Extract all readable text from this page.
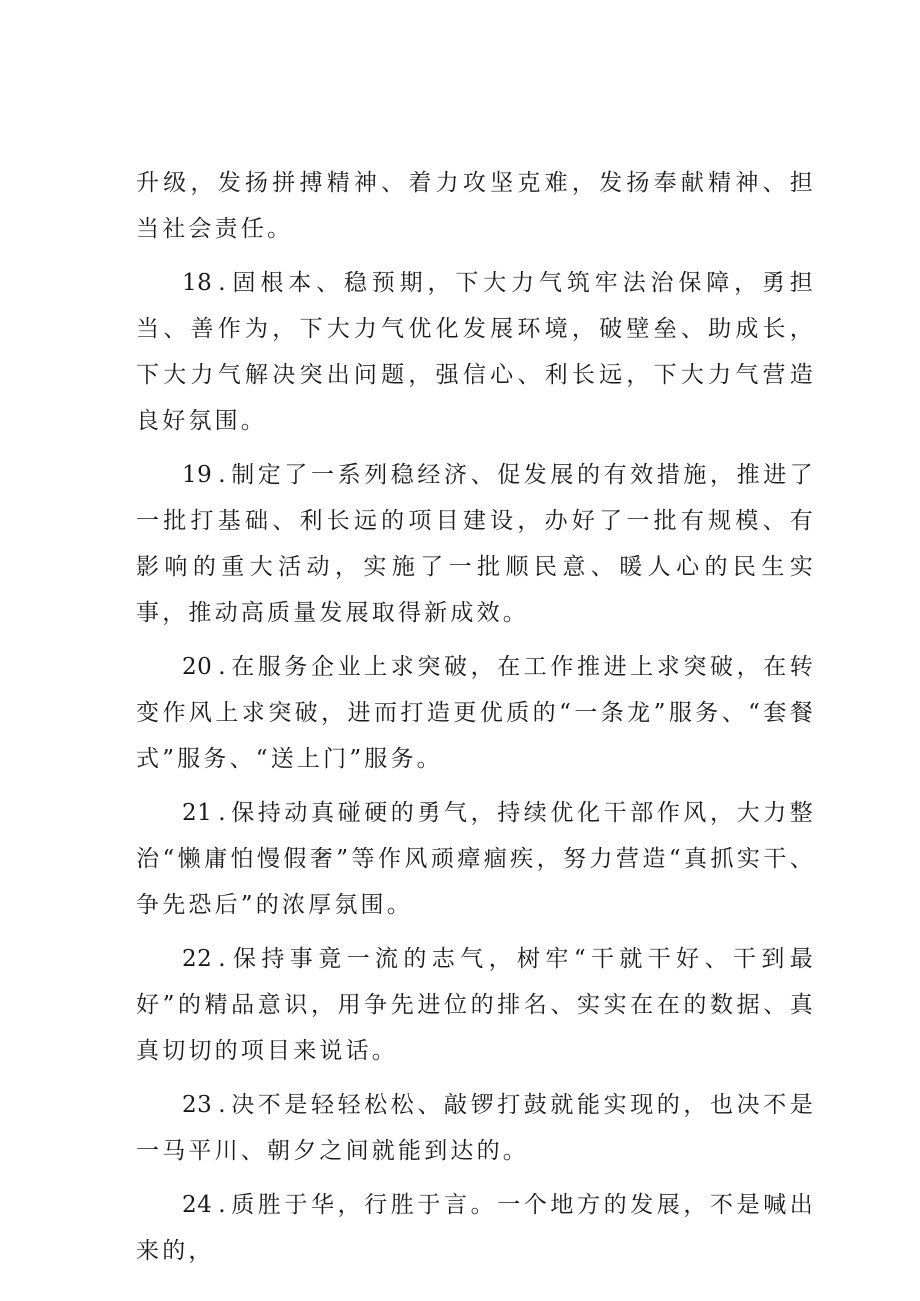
升级，发扬拼搏精神、着力攻坚克难，发扬奉献精神、担当社会责任。

18 .固根本、稳预期，下大力气筑牢法治保障，勇担当、善作为，下大力气优化发展环境，破壁垒、助成长，下大力气解决突出问题，强信心、利长远，下大力气营造良好氛围。

19 .制定了一系列稳经济、促发展的有效措施，推进了一批打基础、利长远的项目建设，办好了一批有规模、有影响的重大活动，实施了一批顺民意、暖人心的民生实事，推动高质量发展取得新成效。

20 .在服务企业上求突破，在工作推进上求突破，在转变作风上求突破，进而打造更优质的“一条龙”服务、“套餐式”服务、“送上门”服务。

21 .保持动真碰硬的勇气，持续优化干部作风，大力整治“懒庸怕慢假奢”等作风顽瘴痼疾，努力营造“真抓实干、争先恐后”的浓厚氛围。

22 .保持事竟一流的志气，树牢“干就干好、干到最好”的精品意识，用争先进位的排名、实实在在的数据、真真切切的项目来说话。

23 .决不是轻轻松松、敲锣打鼓就能实现的，也决不是一马平川、朝夕之间就能到达的。

24 .质胜于华，行胜于言。一个地方的发展，不是喊出来的，
